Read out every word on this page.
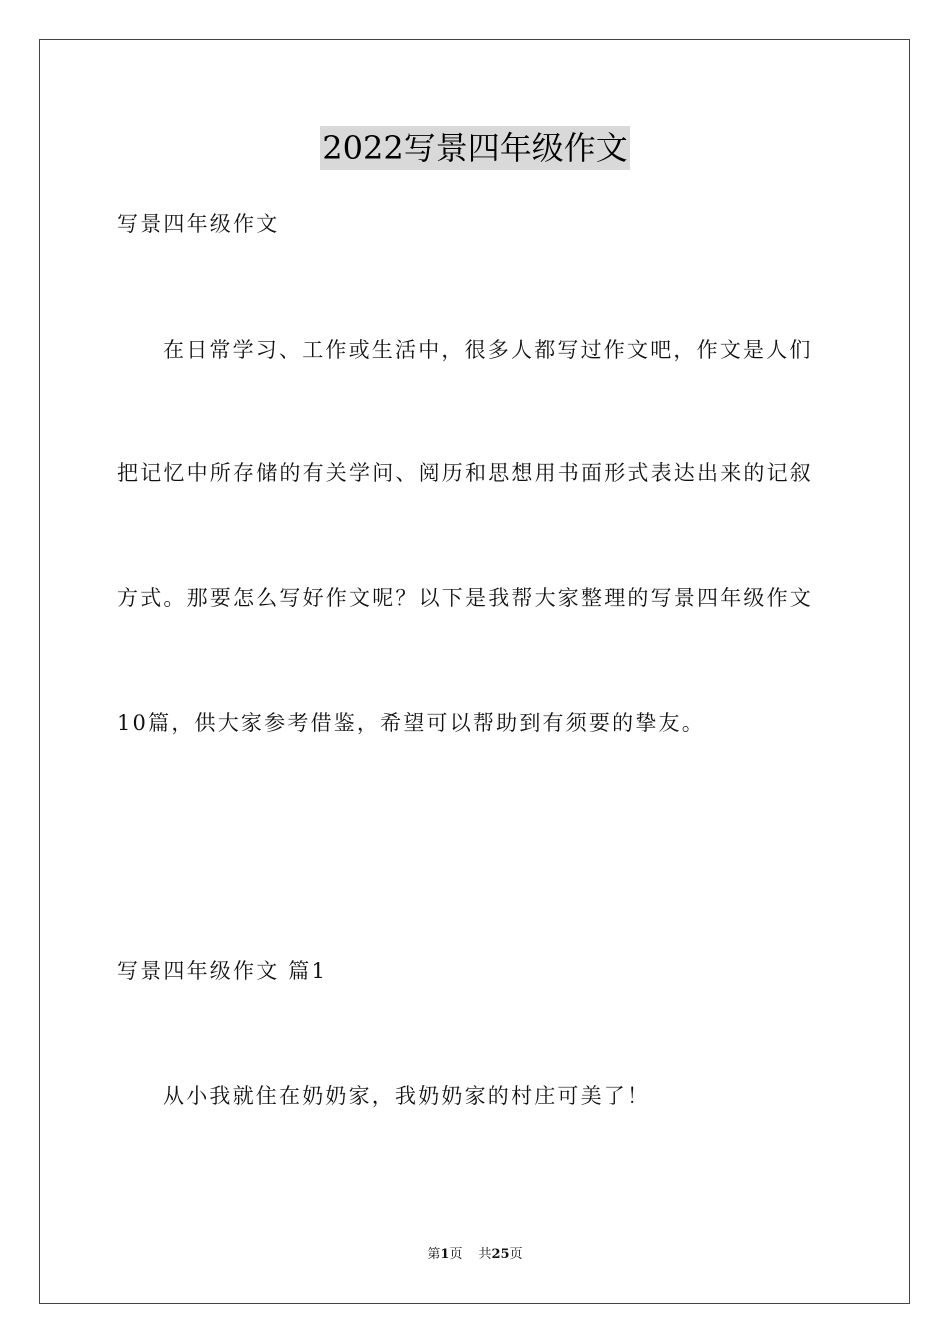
2022写景四年级作文
写景四年级作文
在日常学习、工作或生活中，很多人都写过作文吧，作文是人们
把记忆中所存储的有关学问、阅历和思想用书面形式表达出来的记叙
方式。那要怎么写好作文呢？以下是我帮大家整理的写景四年级作文
10篇，供大家参考借鉴，希望可以帮助到有须要的挚友。
写景四年级作文 篇1
从小我就住在奶奶家，我奶奶家的村庄可美了！
第1页 共25页
